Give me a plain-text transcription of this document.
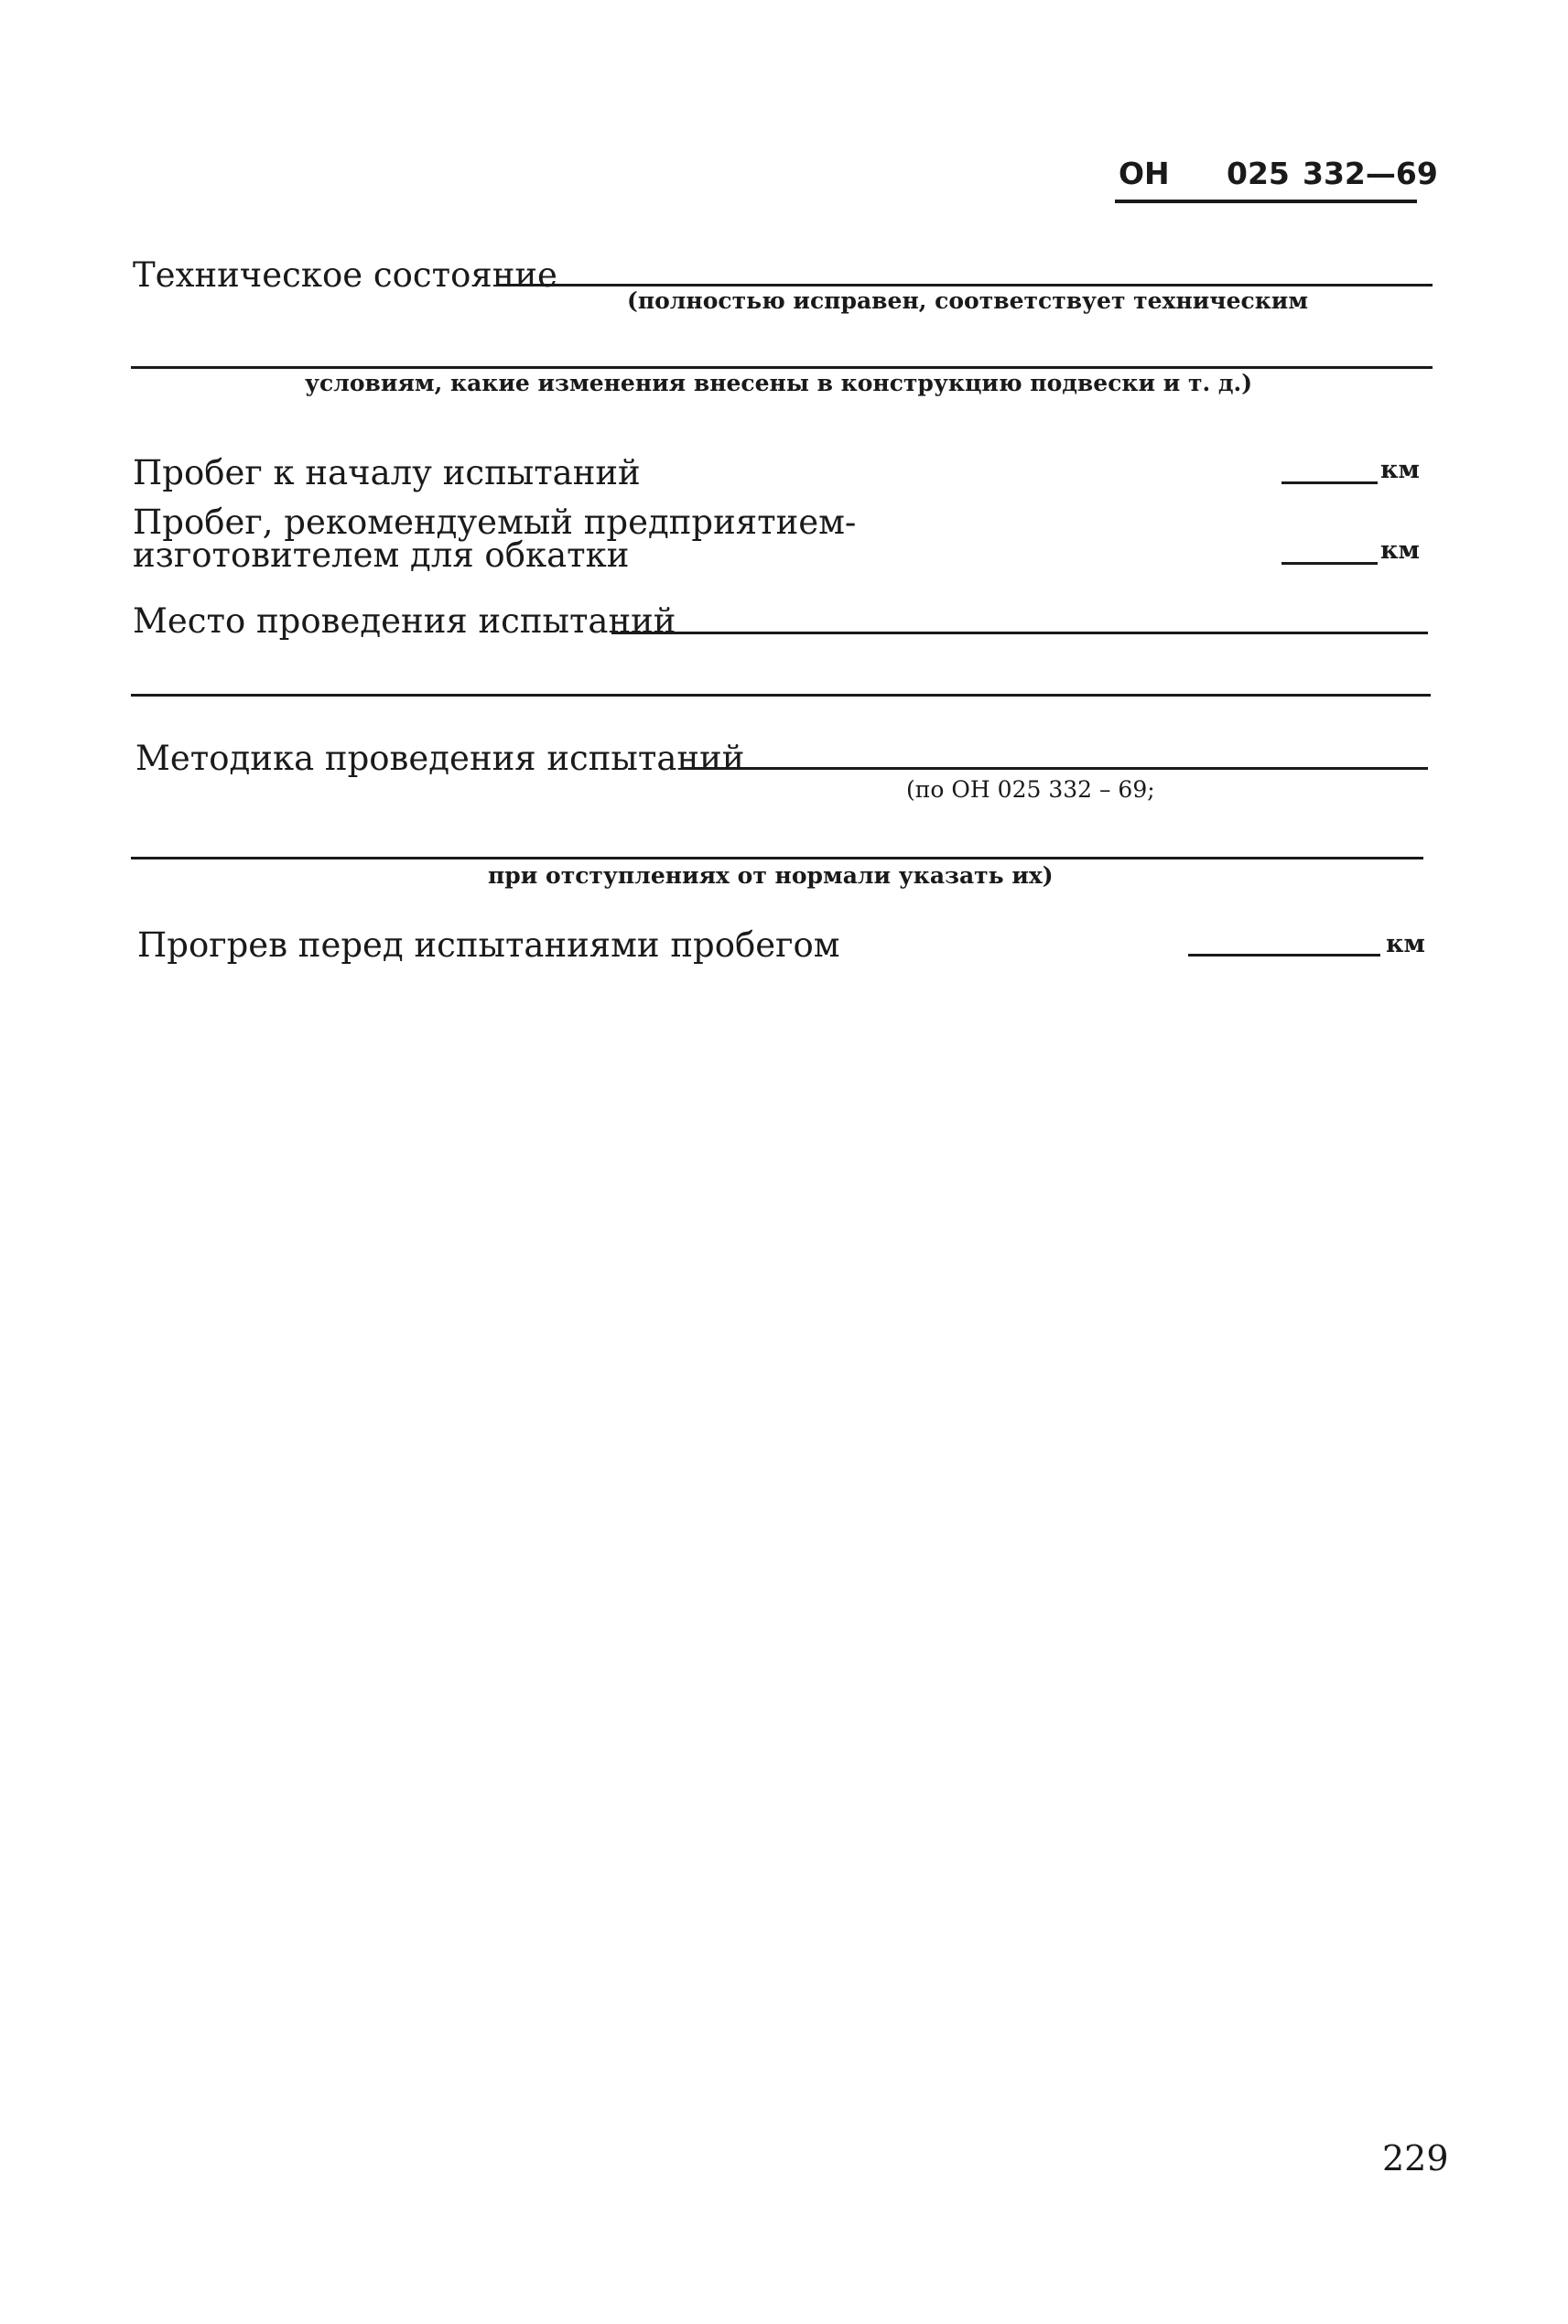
ОН 025 332—69
Техническое состояние
(полностью исправен, соответствует техническим
условиям, какие изменения внесены в конструкцию подвески и т. д.)
Пробег к началу испытаний	км
Пробег, рекомендуемый предприятием-
изготовителем для обкатки	км
Место проведения испытаний
Методика проведения испытаний
(по ОН 025 332 – 69;
при отступлениях от нормали указать их)
Прогрев перед испытаниями пробегом	км
229
